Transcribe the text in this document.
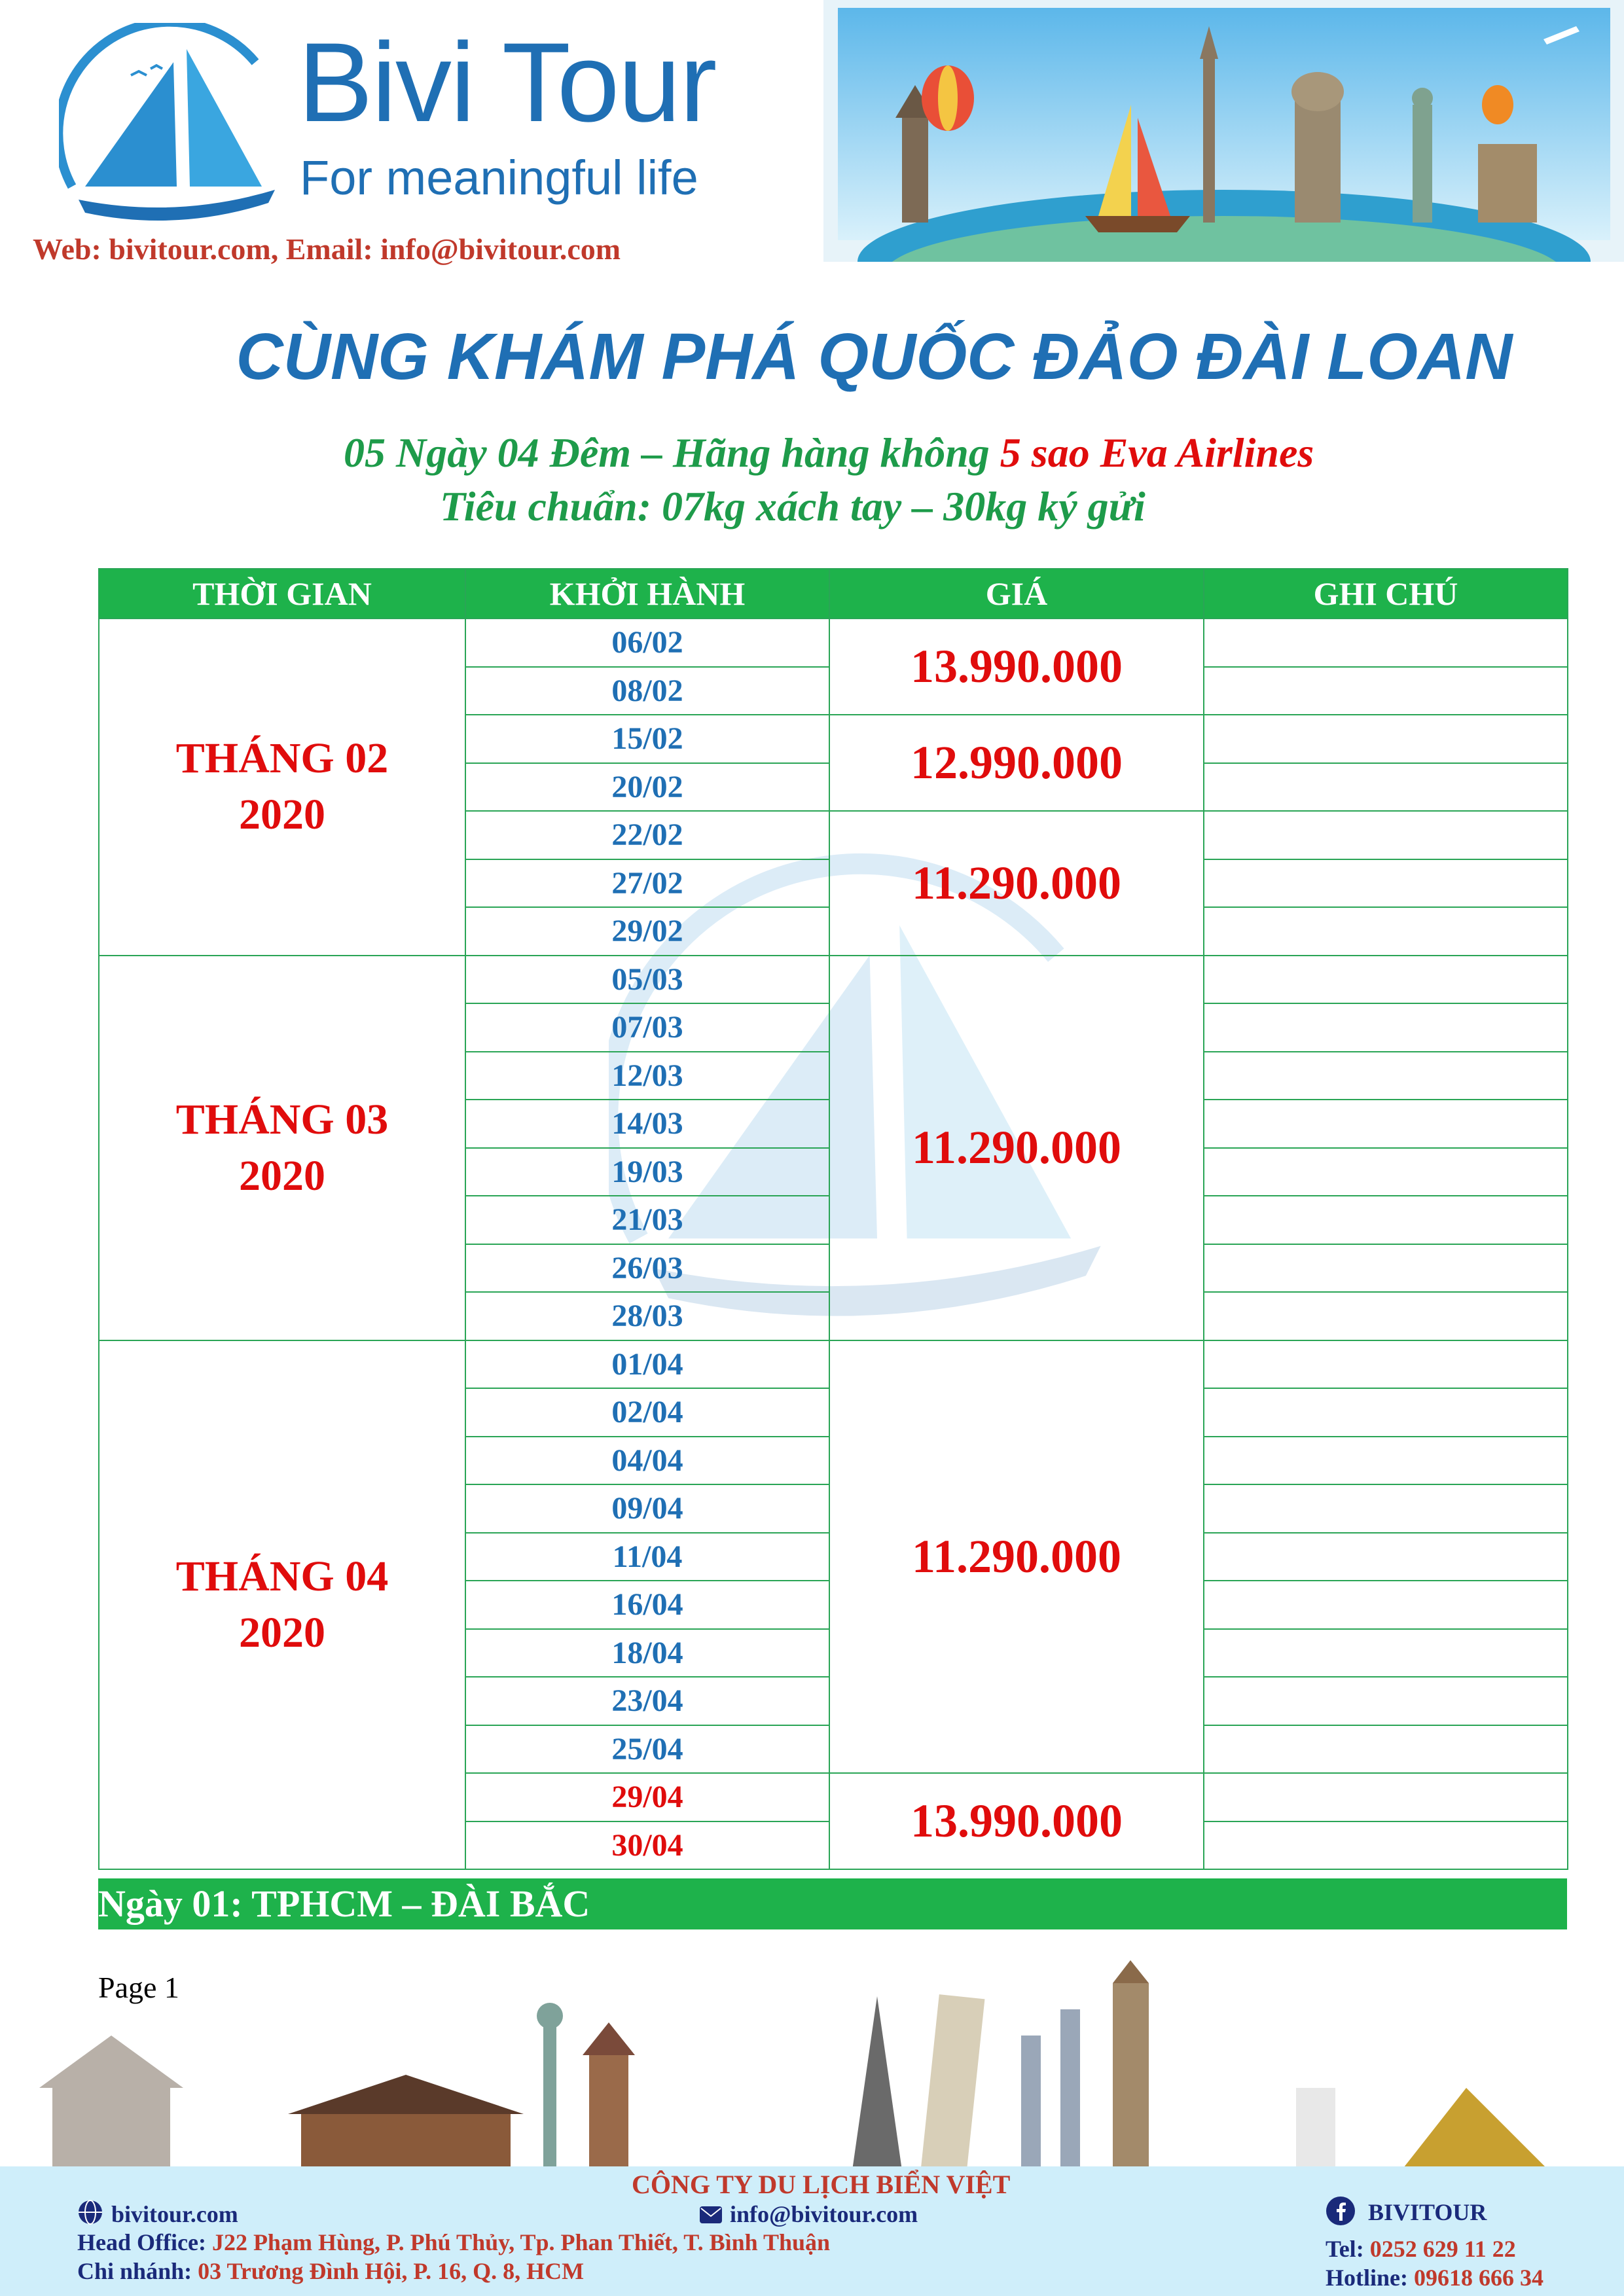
Bivi Tour
For meaningful life
Web: bivitour.com, Email: info@bivitour.com
CÙNG KHÁM PHÁ QUỐC ĐẢO ĐÀI LOAN
05 Ngày 04 Đêm – Hãng hàng không 5 sao Eva Airlines
Tiêu chuẩn: 07kg xách tay – 30kg ký gửi
THỜI GIAN	KHỞI HÀNH	GIÁ	GHI CHÚ
THÁNG 02
2020	06/02	13.990.000	
	08/02		
	15/02	12.990.000	
	20/02		
	22/02	11.290.000	
	27/02		
	29/02		
THÁNG 03
2020	05/03	11.290.000	
	07/03		
	12/03		
	14/03		
	19/03		
	21/03		
	26/03		
	28/03		
THÁNG 04
2020	01/04	11.290.000	
	02/04		
	04/04		
	09/04		
	11/04		
	16/04		
	18/04		
	23/04		
	25/04		
	29/04	13.990.000	
	30/04		
Ngày 01: TPHCM – ĐÀI BẮC
Page 1
bivitour.com
CÔNG TY DU LỊCH BIỂN VIỆT
info@bivitour.com	BIVITOUR
Head Office: J22 Phạm Hùng, P. Phú Thủy, Tp. Phan Thiết, T. Bình Thuận
Chi nhánh: 03 Trương Đình Hội, P. 16, Q. 8, HCM
Tel: 0252 629 11 22
Hotline: 09618 666 34
